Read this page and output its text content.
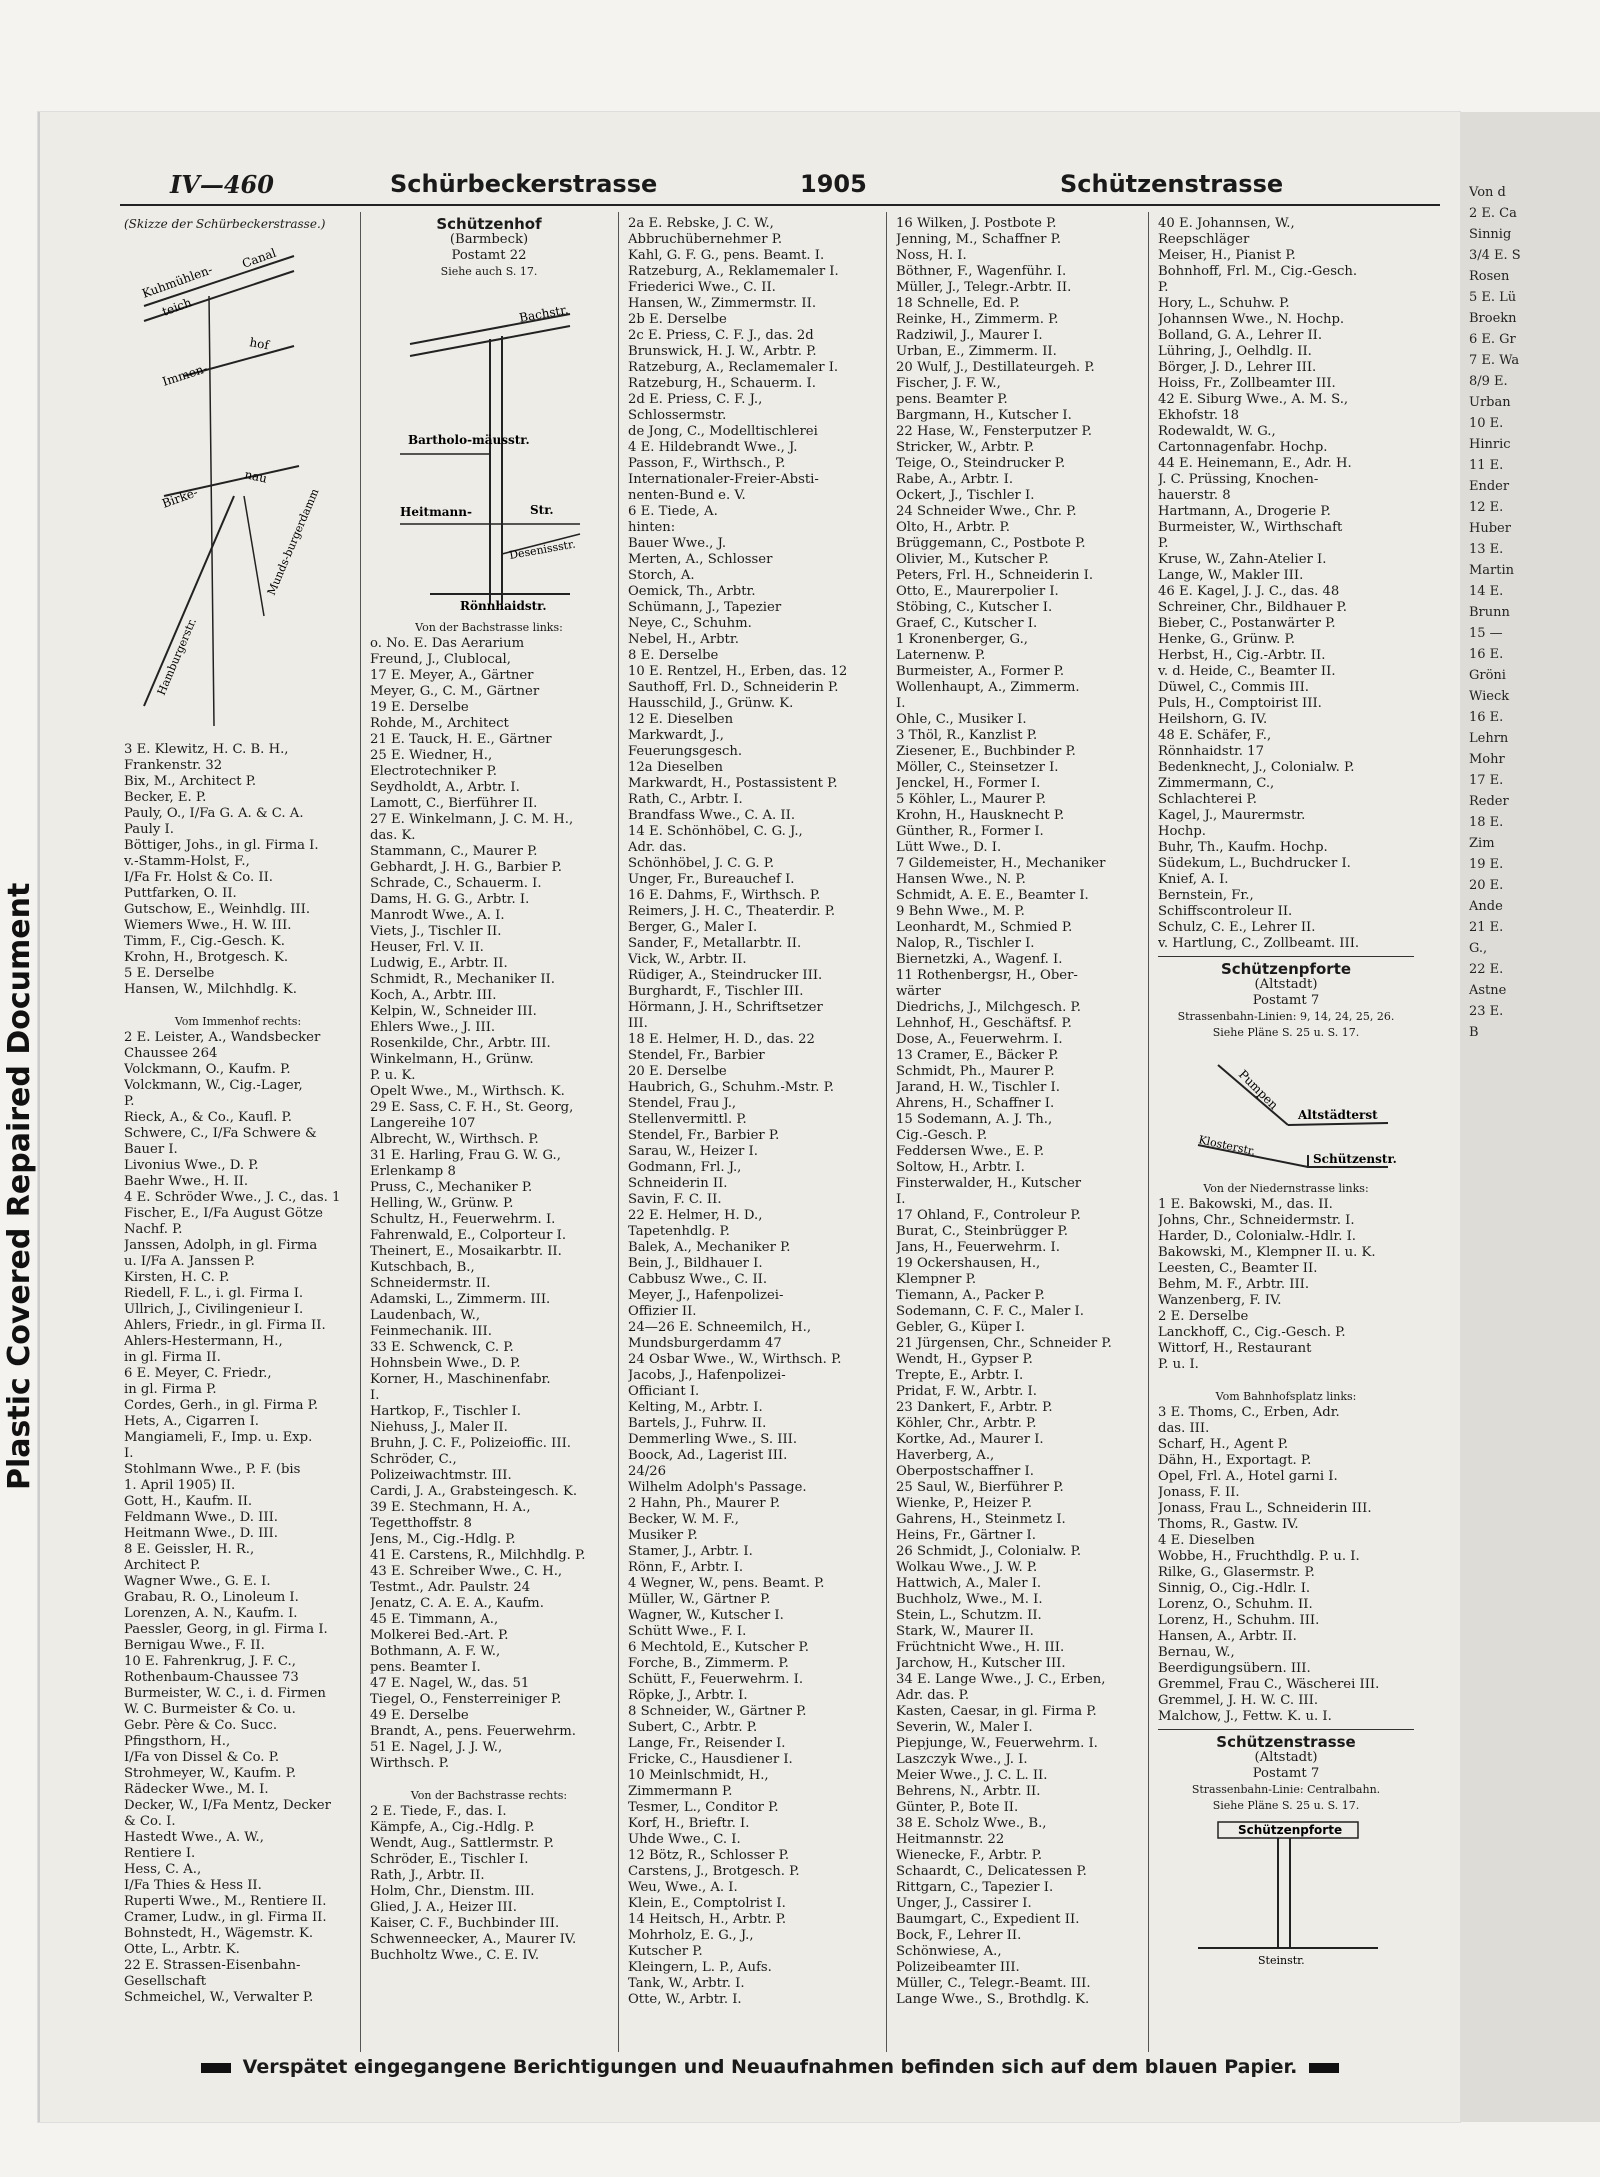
Plastic Covered Repaired Document
Von d
2 E. Ca
Sinnig
3/4 E. S
Rosen
5 E. Lü
Broekn
6 E. Gr
7 E. Wa
8/9 E.
Urban
10 E.
Hinric
11 E.
Ender
12 E.
Huber
13 E.
Martin
14 E.
Brunn
15 —
16 E.
Gröni
Wieck
16 E.
Lehrn
Mohr
17 E.
Reder
18 E.
Zim
19 E.
20 E.
Ande
21 E.
G.,
22 E.
Astne
23 E.
B
IV—460	Schürbeckerstrasse	1905	Schützenstrasse
(Skizze der Schürbeckerstrasse.)
Kuhmühlen-
teich
Canal
Immen-
hof
Birke-
nau
Hamburgerstr.
Munds-burgerdamm
3 E. Klewitz, H. C. B. H.,
Frankenstr. 32
Bix, M., Architect P.
Becker, E. P.
Pauly, O., I/Fa G. A. & C. A.
Pauly I.
Böttiger, Johs., in gl. Firma I.
v.-Stamm-Holst, F.,
I/Fa Fr. Holst & Co. II.
Puttfarken, O. II.
Gutschow, E., Weinhdlg. III.
Wiemers Wwe., H. W. III.
Timm, F., Cig.-Gesch. K.
Krohn, H., Brotgesch. K.
5 E. Derselbe
Hansen, W., Milchhdlg. K.

Vom Immenhof rechts:
2 E. Leister, A., Wandsbecker
Chaussee 264
Volckmann, O., Kaufm. P.
Volckmann, W., Cig.-Lager,
P.
Rieck, A., & Co., Kaufl. P.
Schwere, C., I/Fa Schwere &
Bauer I.
Livonius Wwe., D. P.
Baehr Wwe., H. II.
4 E. Schröder Wwe., J. C., das. 1
Fischer, E., I/Fa August Götze
Nachf. P.
Janssen, Adolph, in gl. Firma
u. I/Fa A. Janssen P.
Kirsten, H. C. P.
Riedell, F. L., i. gl. Firma I.
Ullrich, J., Civilingenieur I.
Ahlers, Friedr., in gl. Firma II.
Ahlers-Hestermann, H.,
in gl. Firma II.
6 E. Meyer, C. Friedr.,
in gl. Firma P.
Cordes, Gerh., in gl. Firma P.
Hets, A., Cigarren I.
Mangiameli, F., Imp. u. Exp.
I.
Stohlmann Wwe., P. F. (bis
1. April 1905) II.
Gott, H., Kaufm. II.
Feldmann Wwe., D. III.
Heitmann Wwe., D. III.
8 E. Geissler, H. R.,
Architect P.
Wagner Wwe., G. E. I.
Grabau, R. O., Linoleum I.
Lorenzen, A. N., Kaufm. I.
Paessler, Georg, in gl. Firma I.
Bernigau Wwe., F. II.
10 E. Fahrenkrug, J. F. C.,
Rothenbaum-Chaussee 73
Burmeister, W. C., i. d. Firmen
W. C. Burmeister & Co. u.
Gebr. Père & Co. Succ.
Pfingsthorn, H.,
I/Fa von Dissel & Co. P.
Strohmeyer, W., Kaufm. P.
Rädecker Wwe., M. I.
Decker, W., I/Fa Mentz, Decker
& Co. I.
Hastedt Wwe., A. W.,
Rentiere I.
Hess, C. A.,
I/Fa Thies & Hess II.
Ruperti Wwe., M., Rentiere II.
Cramer, Ludw., in gl. Firma II.
Bohnstedt, H., Wägemstr. K.
Otte, L., Arbtr. K.
22 E. Strassen-Eisenbahn-
Gesellschaft
Schmeichel, W., Verwalter P.
Schützenhof
(Barmbeck)
Postamt 22
Siehe auch S. 17.
Bachstr.
Bartholo-mäusstr.
Heitmann-	Str.
Desenissstr.
Rönnhaidstr.
Von der Bachstrasse links:
o. No. E. Das Aerarium
Freund, J., Clublocal,
17 E. Meyer, A., Gärtner
Meyer, G., C. M., Gärtner
19 E. Derselbe
Rohde, M., Architect
21 E. Tauck, H. E., Gärtner
25 E. Wiedner, H.,
Electrotechniker P.
Seydholdt, A., Arbtr. I.
Lamott, C., Bierführer II.
27 E. Winkelmann, J. C. M. H.,
das. K.
Stammann, C., Maurer P.
Gebhardt, J. H. G., Barbier P.
Schrade, C., Schauerm. I.
Dams, H. G. G., Arbtr. I.
Manrodt Wwe., A. I.
Viets, J., Tischler II.
Heuser, Frl. V. II.
Ludwig, E., Arbtr. II.
Schmidt, R., Mechaniker II.
Koch, A., Arbtr. III.
Kelpin, W., Schneider III.
Ehlers Wwe., J. III.
Rosenkilde, Chr., Arbtr. III.
Winkelmann, H., Grünw.
P. u. K.
Opelt Wwe., M., Wirthsch. K.
29 E. Sass, C. F. H., St. Georg,
Langereihe 107
Albrecht, W., Wirthsch. P.
31 E. Harling, Frau G. W. G.,
Erlenkamp 8
Pruss, C., Mechaniker P.
Helling, W., Grünw. P.
Schultz, H., Feuerwehrm. I.
Fahrenwald, E., Colporteur I.
Theinert, E., Mosaikarbtr. II.
Kutschbach, B.,
Schneidermstr. II.
Adamski, L., Zimmerm. III.
Laudenbach, W.,
Feinmechanik. III.
33 E. Schwenck, C. P.
Hohnsbein Wwe., D. P.
Korner, H., Maschinenfabr.
I.
Hartkop, F., Tischler I.
Niehuss, J., Maler II.
Bruhn, J. C. F., Polizeioffic. III.
Schröder, C.,
Polizeiwachtmstr. III.
Cardi, J. A., Grabsteingesch. K.
39 E. Stechmann, H. A.,
Tegetthoffstr. 8
Jens, M., Cig.-Hdlg. P.
41 E. Carstens, R., Milchhdlg. P.
43 E. Schreiber Wwe., C. H.,
Testmt., Adr. Paulstr. 24
Jenatz, C. A. E. A., Kaufm.
45 E. Timmann, A.,
Molkerei Bed.-Art. P.
Bothmann, A. F. W.,
pens. Beamter I.
47 E. Nagel, W., das. 51
Tiegel, O., Fensterreiniger P.
49 E. Derselbe
Brandt, A., pens. Feuerwehrm.
51 E. Nagel, J. J. W.,
Wirthsch. P.

Von der Bachstrasse rechts:
2 E. Tiede, F., das. I.
Kämpfe, A., Cig.-Hdlg. P.
Wendt, Aug., Sattlermstr. P.
Schröder, E., Tischler I.
Rath, J., Arbtr. II.
Holm, Chr., Dienstm. III.
Glied, J. A., Heizer III.
Kaiser, C. F., Buchbinder III.
Schwenneecker, A., Maurer IV.
Buchholtz Wwe., C. E. IV.
2a E. Rebske, J. C. W.,
Abbruchübernehmer P.
Kahl, G. F. G., pens. Beamt. I.
Ratzeburg, A., Reklamemaler I.
Friederici Wwe., C. II.
Hansen, W., Zimmermstr. II.
2b E. Derselbe
2c E. Priess, C. F. J., das. 2d
Brunswick, H. J. W., Arbtr. P.
Ratzeburg, A., Reclamemaler I.
Ratzeburg, H., Schauerm. I.
2d E. Priess, C. F. J.,
Schlossermstr.
de Jong, C., Modelltischlerei
4 E. Hildebrandt Wwe., J.
Passon, F., Wirthsch., P.
Internationaler-Freier-Absti-
nenten-Bund e. V.
6 E. Tiede, A.
hinten:
Bauer Wwe., J.
Merten, A., Schlosser
Storch, A.
Oemick, Th., Arbtr.
Schümann, J., Tapezier
Neye, C., Schuhm.
Nebel, H., Arbtr.
8 E. Derselbe
10 E. Rentzel, H., Erben, das. 12
Sauthoff, Frl. D., Schneiderin P.
Hausschild, J., Grünw. K.
12 E. Dieselben
Markwardt, J.,
Feuerungsgesch.
12a Dieselben
Markwardt, H., Postassistent P.
Rath, C., Arbtr. I.
Brandfass Wwe., C. A. II.
14 E. Schönhöbel, C. G. J.,
Adr. das.
Schönhöbel, J. C. G. P.
Unger, Fr., Bureauchef I.
16 E. Dahms, F., Wirthsch. P.
Reimers, J. H. C., Theaterdir. P.
Berger, G., Maler I.
Sander, F., Metallarbtr. II.
Vick, W., Arbtr. II.
Rüdiger, A., Steindrucker III.
Burghardt, F., Tischler III.
Hörmann, J. H., Schriftsetzer
III.
18 E. Helmer, H. D., das. 22
Stendel, Fr., Barbier
20 E. Derselbe
Haubrich, G., Schuhm.-Mstr. P.
Stendel, Frau J.,
Stellenvermittl. P.
Stendel, Fr., Barbier P.
Sarau, W., Heizer I.
Godmann, Frl. J.,
Schneiderin II.
Savin, F. C. II.
22 E. Helmer, H. D.,
Tapetenhdlg. P.
Balek, A., Mechaniker P.
Bein, J., Bildhauer I.
Cabbusz Wwe., C. II.
Meyer, J., Hafenpolizei-
Offizier II.
24—26 E. Schneemilch, H.,
Mundsburgerdamm 47
24 Osbar Wwe., W., Wirthsch. P.
Jacobs, J., Hafenpolizei-
Officiant I.
Kelting, M., Arbtr. I.
Bartels, J., Fuhrw. II.
Demmerling Wwe., S. III.
Boock, Ad., Lagerist III.
24/26
Wilhelm Adolph's Passage.
2 Hahn, Ph., Maurer P.
Becker, W. M. F.,
Musiker P.
Stamer, J., Arbtr. I.
Rönn, F., Arbtr. I.
4 Wegner, W., pens. Beamt. P.
Müller, W., Gärtner P.
Wagner, W., Kutscher I.
Schütt Wwe., F. I.
6 Mechtold, E., Kutscher P.
Forche, B., Zimmerm. P.
Schütt, F., Feuerwehrm. I.
Röpke, J., Arbtr. I.
8 Schneider, W., Gärtner P.
Subert, C., Arbtr. P.
Lange, Fr., Reisender I.
Fricke, C., Hausdiener I.
10 Meinlschmidt, H.,
Zimmermann P.
Tesmer, L., Conditor P.
Korf, H., Brieftr. I.
Uhde Wwe., C. I.
12 Bötz, R., Schlosser P.
Carstens, J., Brotgesch. P.
Weu, Wwe., A. I.
Klein, E., Comptolrist I.
14 Heitsch, H., Arbtr. P.
Mohrholz, E. G., J.,
Kutscher P.
Kleingern, L. P., Aufs.
Tank, W., Arbtr. I.
Otte, W., Arbtr. I.
16 Wilken, J. Postbote P.
Jenning, M., Schaffner P.
Noss, H. I.
Böthner, F., Wagenführ. I.
Müller, J., Telegr.-Arbtr. II.
18 Schnelle, Ed. P.
Reinke, H., Zimmerm. P.
Radziwil, J., Maurer I.
Urban, E., Zimmerm. II.
20 Wulf, J., Destillateurgeh. P.
Fischer, J. F. W.,
pens. Beamter P.
Bargmann, H., Kutscher I.
22 Hase, W., Fensterputzer P.
Stricker, W., Arbtr. P.
Teige, O., Steindrucker P.
Rabe, A., Arbtr. I.
Ockert, J., Tischler I.
24 Schneider Wwe., Chr. P.
Olto, H., Arbtr. P.
Brüggemann, C., Postbote P.
Olivier, M., Kutscher P.
Peters, Frl. H., Schneiderin I.
Otto, E., Maurerpolier I.
Stöbing, C., Kutscher I.
Graef, C., Kutscher I.
1 Kronenberger, G.,
Laternenw. P.
Burmeister, A., Former P.
Wollenhaupt, A., Zimmerm.
I.
Ohle, C., Musiker I.
3 Thöl, R., Kanzlist P.
Ziesener, E., Buchbinder P.
Möller, C., Steinsetzer I.
Jenckel, H., Former I.
5 Köhler, L., Maurer P.
Krohn, H., Hausknecht P.
Günther, R., Former I.
Lütt Wwe., D. I.
7 Gildemeister, H., Mechaniker
Hansen Wwe., N. P.
Schmidt, A. E. E., Beamter I.
9 Behn Wwe., M. P.
Leonhardt, M., Schmied P.
Nalop, R., Tischler I.
Biernetzki, A., Wagenf. I.
11 Rothenbergsr, H., Ober-
wärter
Diedrichs, J., Milchgesch. P.
Lehnhof, H., Geschäftsf. P.
Dose, A., Feuerwehrm. I.
13 Cramer, E., Bäcker P.
Schmidt, Ph., Maurer P.
Jarand, H. W., Tischler I.
Ahrens, H., Schaffner I.
15 Sodemann, A. J. Th.,
Cig.-Gesch. P.
Feddersen Wwe., E. P.
Soltow, H., Arbtr. I.
Finsterwalder, H., Kutscher
I.
17 Ohland, F., Controleur P.
Burat, C., Steinbrügger P.
Jans, H., Feuerwehrm. I.
19 Ockershausen, H.,
Klempner P.
Tiemann, A., Packer P.
Sodemann, C. F. C., Maler I.
Gebler, G., Küper I.
21 Jürgensen, Chr., Schneider P.
Wendt, H., Gypser P.
Trepte, E., Arbtr. I.
Pridat, F. W., Arbtr. I.
23 Dankert, F., Arbtr. P.
Köhler, Chr., Arbtr. P.
Kortke, Ad., Maurer I.
Haverberg, A.,
Oberpostschaffner I.
25 Saul, W., Bierführer P.
Wienke, P., Heizer P.
Gahrens, H., Steinmetz I.
Heins, Fr., Gärtner I.
26 Schmidt, J., Colonialw. P.
Wolkau Wwe., J. W. P.
Hattwich, A., Maler I.
Buchholz, Wwe., M. I.
Stein, L., Schutzm. II.
Stark, W., Maurer II.
Früchtnicht Wwe., H. III.
Jarchow, H., Kutscher III.
34 E. Lange Wwe., J. C., Erben,
Adr. das. P.
Kasten, Caesar, in gl. Firma P.
Severin, W., Maler I.
Piepjunge, W., Feuerwehrm. I.
Laszczyk Wwe., J. I.
Meier Wwe., J. C. L. II.
Behrens, N., Arbtr. II.
Günter, P., Bote II.
38 E. Scholz Wwe., B.,
Heitmannstr. 22
Wienecke, F., Arbtr. P.
Schaardt, C., Delicatessen P.
Rittgarn, C., Tapezier I.
Unger, J., Cassirer I.
Baumgart, C., Expedient II.
Bock, F., Lehrer II.
Schönwiese, A.,
Polizeibeamter III.
Müller, C., Telegr.-Beamt. III.
Lange Wwe., S., Brothdlg. K.
40 E. Johannsen, W.,
Reepschläger
Meiser, H., Pianist P.
Bohnhoff, Frl. M., Cig.-Gesch.
P.
Hory, L., Schuhw. P.
Johannsen Wwe., N. Hochp.
Bolland, G. A., Lehrer II.
Lühring, J., Oelhdlg. II.
Börger, J. D., Lehrer III.
Hoiss, Fr., Zollbeamter III.
42 E. Siburg Wwe., A. M. S.,
Ekhofstr. 18
Rodewaldt, W. G.,
Cartonnagenfabr. Hochp.
44 E. Heinemann, E., Adr. H.
J. C. Prüssing, Knochen-
hauerstr. 8
Hartmann, A., Drogerie P.
Burmeister, W., Wirthschaft
P.
Kruse, W., Zahn-Atelier I.
Lange, W., Makler III.
46 E. Kagel, J. J. C., das. 48
Schreiner, Chr., Bildhauer P.
Bieber, C., Postanwärter P.
Henke, G., Grünw. P.
Herbst, H., Cig.-Arbtr. II.
v. d. Heide, C., Beamter II.
Düwel, C., Commis III.
Puls, H., Comptoirist III.
Heilshorn, G. IV.
48 E. Schäfer, F.,
Rönnhaidstr. 17
Bedenknecht, J., Colonialw. P.
Zimmermann, C.,
Schlachterei P.
Kagel, J., Maurermstr.
Hochp.
Buhr, Th., Kaufm. Hochp.
Südekum, L., Buchdrucker I.
Knief, A. I.
Bernstein, Fr.,
Schiffscontroleur II.
Schulz, C. E., Lehrer II.
v. Hartlung, C., Zollbeamt. III.
Schützenpforte
(Altstadt)
Postamt 7
Strassenbahn-Linien: 9, 14, 24, 25, 26.
Siehe Pläne S. 25 u. S. 17.
Pumpen
Altstädterst
Klosterstr.
Schützenstr.
Von der Niedernstrasse links:
1 E. Bakowski, M., das. II.
Johns, Chr., Schneidermstr. I.
Harder, D., Colonialw.-Hdlr. I.
Bakowski, M., Klempner II. u. K.
Leesten, C., Beamter II.
Behm, M. F., Arbtr. III.
Wanzenberg, F. IV.
2 E. Derselbe
Lanckhoff, C., Cig.-Gesch. P.
Wittorf, H., Restaurant
P. u. I.

Vom Bahnhofsplatz links:
3 E. Thoms, C., Erben, Adr.
das. III.
Scharf, H., Agent P.
Dähn, H., Exportagt. P.
Opel, Frl. A., Hotel garni I.
Jonass, F. II.
Jonass, Frau L., Schneiderin III.
Thoms, R., Gastw. IV.
4 E. Dieselben
Wobbe, H., Fruchthdlg. P. u. I.
Rilke, G., Glasermstr. P.
Sinnig, O., Cig.-Hdlr. I.
Lorenz, O., Schuhm. II.
Lorenz, H., Schuhm. III.
Hansen, A., Arbtr. II.
Bernau, W.,
Beerdigungsübern. III.
Gremmel, Frau C., Wäscherei III.
Gremmel, J. H. W. C. III.
Malchow, J., Fettw. K. u. I.
Schützenstrasse
(Altstadt)
Postamt 7
Strassenbahn-Linie: Centralbahn.
Siehe Pläne S. 25 u. S. 17.
Schützenpforte
Steinstr.
Verspätet eingegangene Berichtigungen und Neuaufnahmen befinden sich auf dem blauen Papier.
